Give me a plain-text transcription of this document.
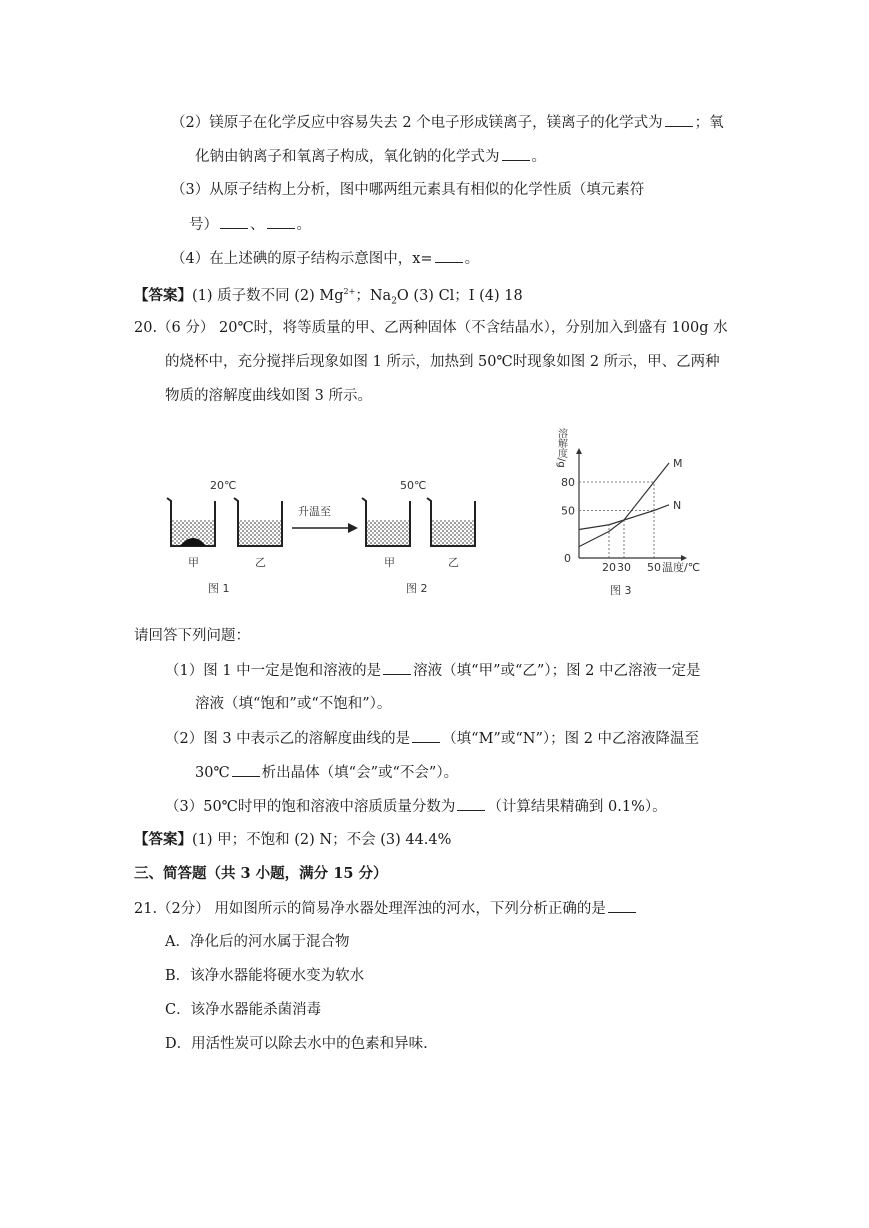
（2）镁原子在化学反应中容易失去 2 个电子形成镁离子，镁离子的化学式为 ；氧
化钠由钠离子和氧离子构成，氧化钠的化学式为 。
（3）从原子结构上分析，图中哪两组元素具有相似的化学性质（填元素符
号） 、 。
（4）在上述碘的原子结构示意图中，x= 。
【答案】(1) 质子数不同 (2) $Mg^{2+}$；$Na_2O$ (3) Cl；I (4) 18
20.（6 分） 20℃时，将等质量的甲、乙两种固体（不含结晶水），分别加入到盛有 100g 水
的烧杯中，充分搅拌后现象如图 1 所示，加热到 50℃时现象如图 2 所示，甲、乙两种
物质的溶解度曲线如图 3 所示。
20℃
甲	乙
图 1
升温至
50℃
甲	乙
图 2
溶解度/g	M
N
50
80
20 30 50
0
温度/℃
图 3
请回答下列问题：
（1）图 1 中一定是饱和溶液的是 溶液（填“甲”或“乙”）；图 2 中乙溶液一定是
溶液（填“饱和”或“不饱和”）。
（2）图 3 中表示乙的溶解度曲线的是 （填“M”或“N”）；图 2 中乙溶液降温至
30℃ 析出晶体（填“会”或“不会”）。
（3）50℃时甲的饱和溶液中溶质质量分数为 （计算结果精确到 0.1%）。
【答案】(1) 甲；不饱和 (2) N；不会 (3) 44.4%
三、简答题（共 3 小题，满分 15 分）
21.（2分） 用如图所示的简易净水器处理浑浊的河水，下列分析正确的是
A．净化后的河水属于混合物
B．该净水器能将硬水变为软水
C．该净水器能杀菌消毒
D．用活性炭可以除去水中的色素和异味.
